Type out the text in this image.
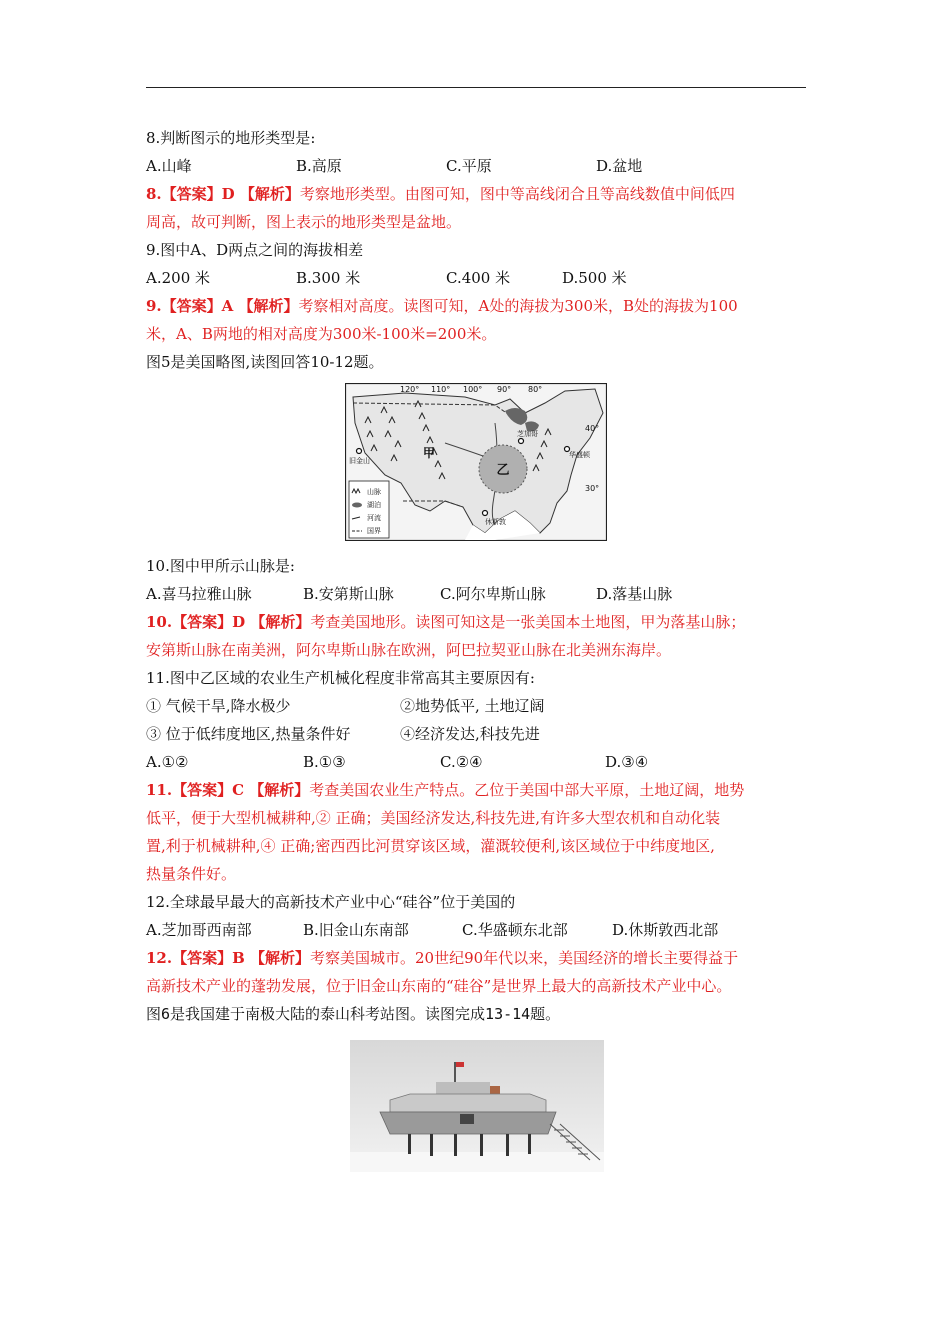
8.判断图示的地形类型是:
A.山峰	B.高原	C.平原	D.盆地
8.【答案】D 【解析】考察地形类型。由图可知，图中等高线闭合且等高线数值中间低四
周高，故可判断，图上表示的地形类型是盆地。
9.图中A、D两点之间的海拔相差
A.200 米	B.300 米	C.400 米	D.500 米
9.【答案】A 【解析】考察相对高度。读图可知，A处的海拔为300米，B处的海拔为100
米，A、B两地的相对高度为300米-100米=200米。
图5是美国略图,读图回答10-12题。
乙
甲
120° 110° 100° 90° 80°
40°
30°
旧金山
芝加哥
华盛顿
休斯敦
山脉
湖泊
河流
国界
10.图中甲所示山脉是:
A.喜马拉雅山脉	B.安第斯山脉	C.阿尔卑斯山脉	D.落基山脉
10.【答案】D 【解析】考查美国地形。读图可知这是一张美国本土地图，甲为落基山脉；
安第斯山脉在南美洲，阿尔卑斯山脉在欧洲，阿巴拉契亚山脉在北美洲东海岸。
11.图中乙区域的农业生产机械化程度非常高其主要原因有:
① 气候干旱,降水极少	②地势低平, 土地辽阔
③ 位于低纬度地区,热量条件好	④经济发达,科技先进
A.①②	B.①③	C.②④	D.③④
11.【答案】C 【解析】考查美国农业生产特点。乙位于美国中部大平原，土地辽阔，地势
低平，便于大型机械耕种,② 正确；美国经济发达,科技先进,有许多大型农机和自动化装
置,利于机械耕种,④ 正确;密西西比河贯穿该区域，灌溉较便利,该区域位于中纬度地区,
热量条件好。
12.全球最早最大的高新技术产业中心“硅谷”位于美国的
A.芝加哥西南部	B.旧金山东南部	C.华盛顿东北部	D.休斯敦西北部
12.【答案】B 【解析】考察美国城市。20世纪90年代以来，美国经济的增长主要得益于
高新技术产业的蓬勃发展，位于旧金山东南的“硅谷”是世界上最大的高新技术产业中心。
图6是我国建于南极大陆的泰山科考站图。读图完成13-14题。
